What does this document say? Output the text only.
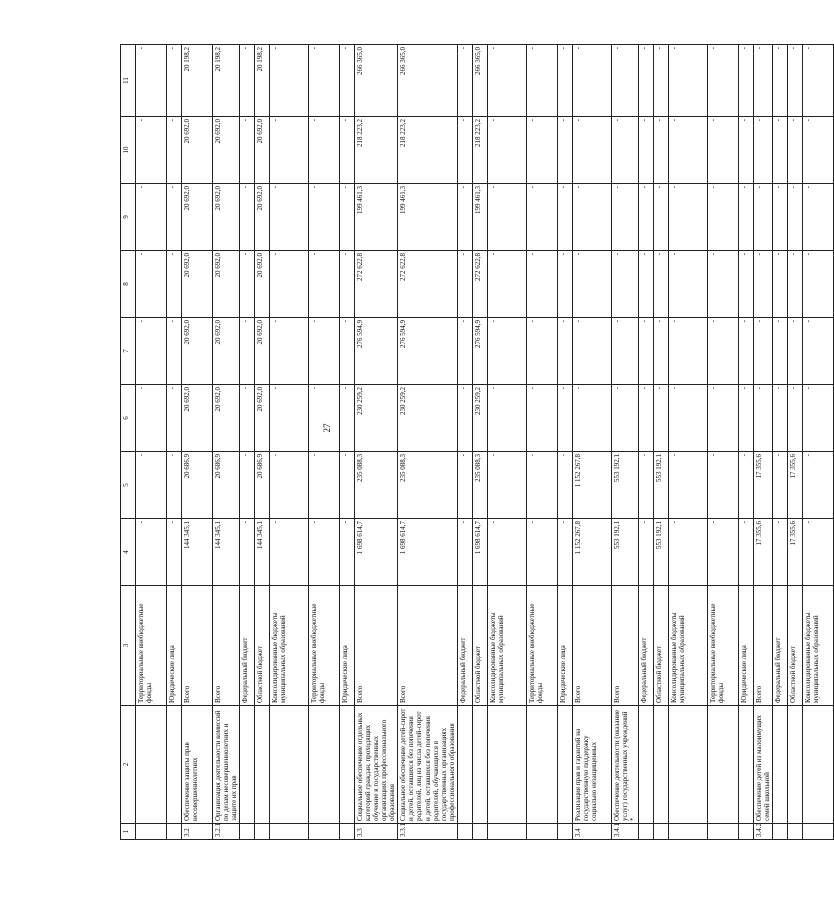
27
1	2	3	4	5	6	7	8	9	10	11
		Территориальные внебюджетные фонды	-	-	-	-	-	-	-	-
		Юридические лица	-	-	-	-	-	-	-	-
3.2	Обеспечение защиты прав несовершеннолетних	Всего	144 345,1	20 686,9	20 692,0	20 692,0	20 692,0	20 692,0	20 692,0	20 198,2
3.2.1	Организация деятельности комиссий по делам несовершеннолетних и защите их прав	Всего	144 345,1	20 686,9	20 692,0	20 692,0	20 692,0	20 692,0	20 692,0	20 198,2
		Федеральный бюджет	-	-	-	-	-	-	-	-
		Областной бюджет	144 345,1	20 686,9	20 692,0	20 692,0	20 692,0	20 692,0	20 692,0	20 198,2
		Консолидированные бюджеты муниципальных образований	-	-	-	-	-	-	-	-
		Территориальные внебюджетные фонды	-	-	-	-	-	-	-	-
		Юридические лица	-	-	-	-	-	-	-	-
3.3	Социальное обеспечение отдельных категорий граждан, проходящих обучение в государственных организациях профессионального образования	Всего	1 698 614,7	235 088,3	230 259,2	276 594,9	272 622,8	199 461,3	218 223,2	266 365,0
3.3.1	Социальное обеспечение детей-сирот и детей, оставшихся без попечения родителей, лиц из числа детей-сирот и детей, оставшихся без попечения родителей, обучающихся в государственных организациях профессионального образования	Всего	1 698 614,7	235 088,3	230 259,2	276 594,9	272 622,8	199 461,3	218 223,2	266 365,0
		Федеральный бюджет	-	-	-	-	-	-	-	-
		Областной бюджет	1 698 614,7	235 088,3	230 259,2	276 594,9	272 622,8	199 461,3	218 223,2	266 365,0
		Консолидированные бюджеты муниципальных образований	-	-	-	-	-	-	-	-
		Территориальные внебюджетные фонды	-	-	-	-	-	-	-	-
		Юридические лица	-	-	-	-	-	-	-	-
3.4	Реализация прав и гарантий на государственную поддержку социально незащищенных	Всего	1 152 267,8	1 152 267,8	-	-	-	-	-	-
3.4.1	Обеспечение деятельности (оказание услуг) государственных учреждений *	Всего	553 192,1	553 192,1	-	-	-	-	-	-
		Федеральный бюджет	-	-	-	-	-	-	-	-
		Областной бюджет	553 192,1	553 192,1	-	-	-	-	-	-
		Консолидированные бюджеты муниципальных образований	-	-	-	-	-	-	-	-
		Территориальные внебюджетные фонды	-	-	-	-	-	-	-	-
		Юридические лица	-	-	-	-	-	-	-	-
3.4.2	Обеспечение детей из малоимущих семей школьной	Всего	17 355,6	17 355,6	-	-	-	-	-	-
		Федеральный бюджет	-	-	-	-	-	-	-	-
		Областной бюджет	17 355,6	17 355,6	-	-	-	-	-	-
		Консолидированные бюджеты муниципальных образований	-	-	-	-	-	-	-	-
